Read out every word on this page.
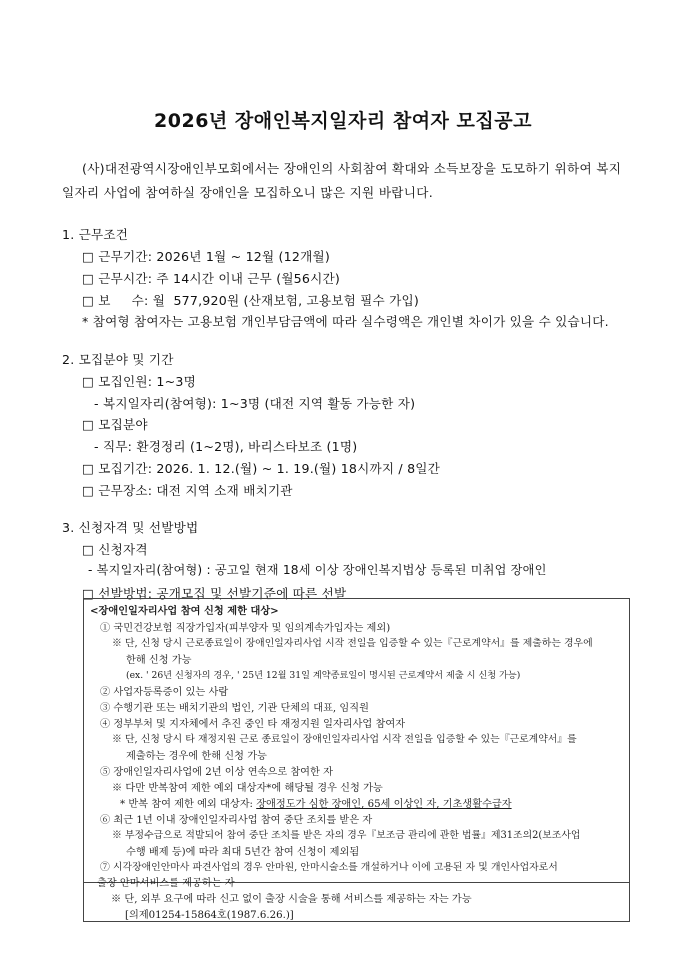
2026년 장애인복지일자리 참여자 모집공고
(사)대전광역시장애인부모회에서는 장애인의 사회참여 확대와 소득보장을 도모하기 위하여 복지
일자리 사업에 참여하실 장애인을 모집하오니 많은 지원 바랍니다.
1. 근무조건
□ 근무기간: 2026년 1월 ~ 12월 (12개월)
□ 근무시간: 주 14시간 이내 근무 (월56시간)
□ 보     수: 월  577,920원 (산재보험, 고용보험 필수 가입)
* 참여형 참여자는 고용보험 개인부담금액에 따라 실수령액은 개인별 차이가 있을 수 있습니다.
2. 모집분야 및 기간
□ 모집인원: 1~3명
- 복지일자리(참여형): 1~3명 (대전 지역 활동 가능한 자)
□ 모집분야
- 직무: 환경정리 (1~2명), 바리스타보조 (1명)
□ 모집기간: 2026. 1. 12.(월) ~ 1. 19.(월) 18시까지 / 8일간
□ 근무장소: 대전 지역 소재 배치기관
3. 신청자격 및 선발방법
□ 신청자격
- 복지일자리(참여형) : 공고일 현재 18세 이상 장애인복지법상 등록된 미취업 장애인
□ 선발방법: 공개모집 및 선발기준에 따른 선발
<장애인일자리사업 참여 신청 제한 대상>
① 국민건강보험 직장가입자(피부양자 및 임의계속가입자는 제외)
※ 단, 신청 당시 근로종료일이 장애인일자리사업 시작 전일을 입증할 수 있는『근로계약서』를 제출하는 경우에
한해 신청 가능
(ex. ' 26년 신청자의 경우, ' 25년 12월 31일 계약종료일이 명시된 근로계약서 제출 시 신청 가능)
② 사업자등록증이 있는 사람
③ 수행기관 또는 배치기관의 법인, 기관 단체의 대표, 임직원
④ 정부부처 및 지자체에서 추진 중인 타 재정지원 일자리사업 참여자
※ 단, 신청 당시 타 재정지원 근로 종료일이 장애인일자리사업 시작 전일을 입증할 수 있는『근로계약서』를
제출하는 경우에 한해 신청 가능
⑤ 장애인일자리사업에 2년 이상 연속으로 참여한 자
※ 다만 반복참여 제한 예외 대상자*에 해당될 경우 신청 가능
* 반복 참여 제한 예외 대상자: 장애정도가 심한 장애인, 65세 이상인 자, 기초생활수급자
⑥ 최근 1년 이내 장애인일자리사업 참여 중단 조치를 받은 자
※ 부정수급으로 적발되어 참여 중단 조치를 받은 자의 경우『보조금 관리에 관한 법률』제31조의2(보조사업
수행 배제 등)에 따라 최대 5년간 참여 신청이 제외됨
⑦ 시각장애인안마사 파견사업의 경우 안마원, 안마시술소를 개설하거나 이에 고용된 자 및 개인사업자로서
출장 안마서비스를 제공하는 자
※ 단, 외부 요구에 따라 신고 없이 출장 시술을 통해 서비스를 제공하는 자는 가능
[의제01254-15864호(1987.6.26.)]
